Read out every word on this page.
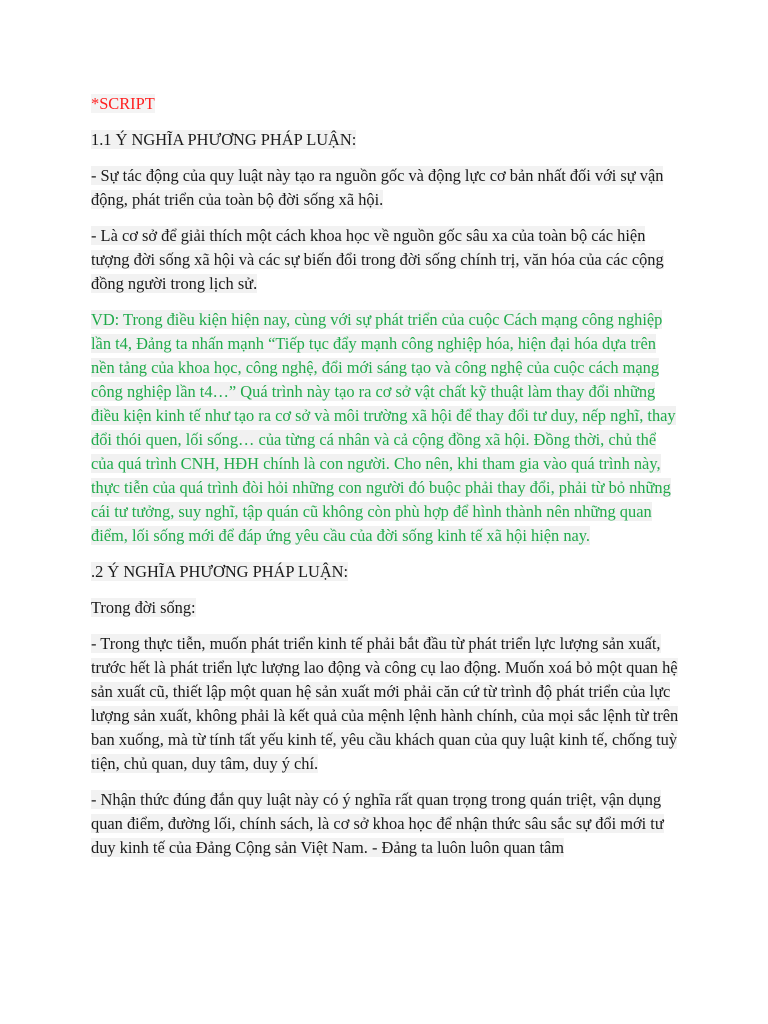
*SCRIPT

1.1 Ý NGHĨA PHƯƠNG PHÁP LUẬN:

- Sự tác động của quy luật này tạo ra nguồn gốc và động lực cơ bản nhất đối với sự vận động, phát triển của toàn bộ đời sống xã hội.

- Là cơ sở để giải thích một cách khoa học về nguồn gốc sâu xa của toàn bộ các hiện tượng đời sống xã hội và các sự biến đổi trong đời sống chính trị, văn hóa của các cộng đồng người trong lịch sử.

VD: Trong điều kiện hiện nay, cùng với sự phát triển của cuộc Cách mạng công nghiệp lần t4, Đảng ta nhấn mạnh “Tiếp tục đẩy mạnh công nghiệp hóa, hiện đại hóa dựa trên nền tảng của khoa học, công nghệ, đổi mới sáng tạo và công nghệ của cuộc cách mạng công nghiệp lần t4…” Quá trình này tạo ra cơ sở vật chất kỹ thuật làm thay đổi những điều kiện kinh tế như tạo ra cơ sở và môi trường xã hội để thay đổi tư duy, nếp nghĩ, thay đổi thói quen, lối sống… của từng cá nhân và cả cộng đồng xã hội. Đồng thời, chủ thể của quá trình CNH, HĐH chính là con người. Cho nên, khi tham gia vào quá trình này, thực tiễn của quá trình đòi hỏi những con người đó buộc phải thay đổi, phải từ bỏ những cái tư tưởng, suy nghĩ, tập quán cũ không còn phù hợp để hình thành nên những quan điểm, lối sống mới để đáp ứng yêu cầu của đời sống kinh tế xã hội hiện nay.

.2 Ý NGHĨA PHƯƠNG PHÁP LUẬN:

Trong đời sống:

- Trong thực tiễn, muốn phát triển kinh tế phải bắt đầu từ phát triển lực lượng sản xuất, trước hết là phát triển lực lượng lao động và công cụ lao động. Muốn xoá bỏ một quan hệ sản xuất cũ, thiết lập một quan hệ sản xuất mới phải căn cứ từ trình độ phát triển của lực lượng sản xuất, không phải là kết quả của mệnh lệnh hành chính, của mọi sắc lệnh từ trên ban xuống, mà từ tính tất yếu kinh tế, yêu cầu khách quan của quy luật kinh tế, chống tuỳ tiện, chủ quan, duy tâm, duy ý chí.

- Nhận thức đúng đắn quy luật này có ý nghĩa rất quan trọng trong quán triệt, vận dụng quan điểm, đường lối, chính sách, là cơ sở khoa học để nhận thức sâu sắc sự đổi mới tư duy kinh tế của Đảng Cộng sản Việt Nam. - Đảng ta luôn luôn quan tâm
